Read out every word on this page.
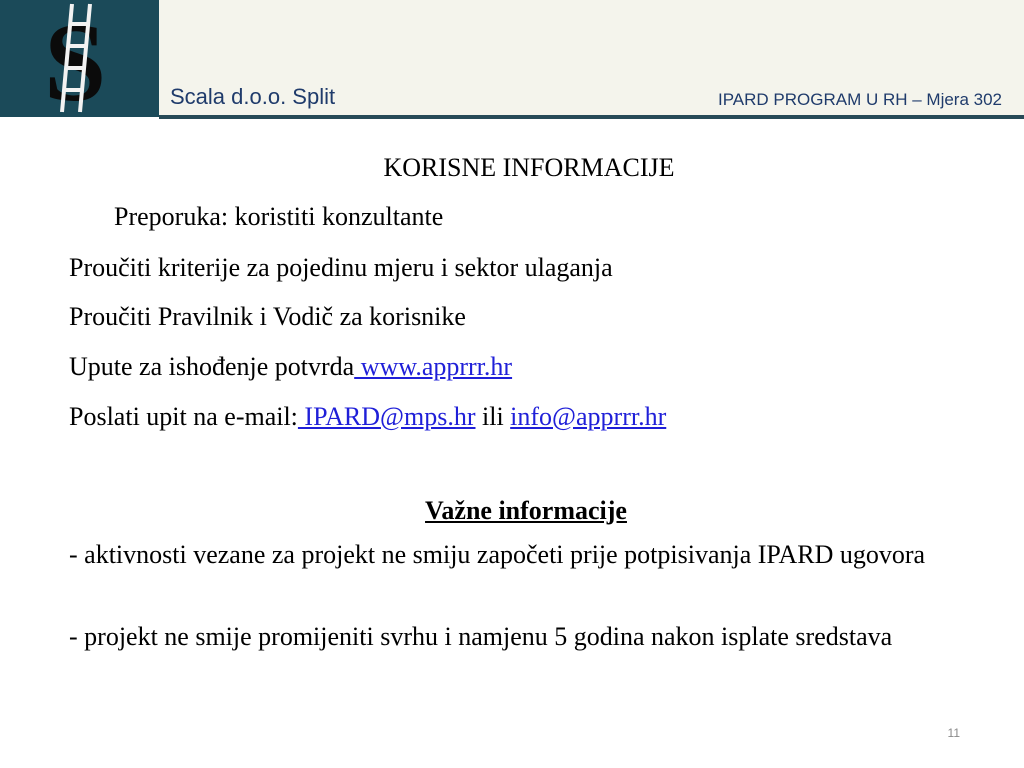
S	Scala d.o.o. Split	IPARD PROGRAM U RH – Mjera 302
KORISNE INFORMACIJE
Preporuka: koristiti konzultante
Proučiti kriterije za pojedinu mjeru i sektor ulaganja
Proučiti Pravilnik i Vodič za korisnike
Upute za ishođenje potvrda www.apprrr.hr
Poslati upit na e-mail: IPARD@mps.hr ili info@apprrr.hr
Važne informacije
- aktivnosti vezane za projekt ne smiju započeti prije potpisivanja IPARD ugovora
- projekt ne smije promijeniti svrhu i namjenu 5 godina nakon isplate sredstava
11
